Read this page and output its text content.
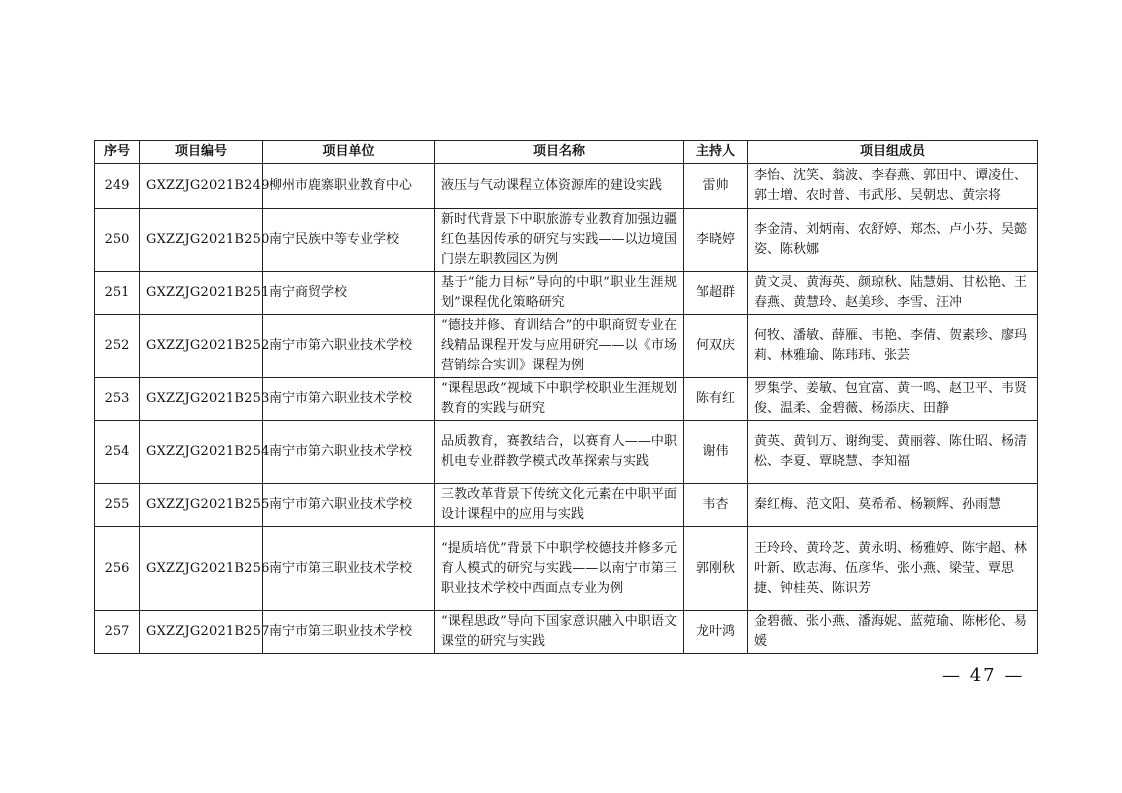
序号	项目编号	项目单位	项目名称	主持人	项目组成员
249	GXZZJG2021B249	柳州市鹿寨职业教育中心	液压与气动课程立体资源库的建设实践	雷帅	李怡、沈笑、翁波、李春燕、郭田中、谭凌仕、郭士增、农时普、韦武彤、吴朝忠、黄宗将
250	GXZZJG2021B250	南宁民族中等专业学校	新时代背景下中职旅游专业教育加强边疆红色基因传承的研究与实践——以边境国门崇左职教园区为例	李晓婷	李金清、刘炳南、农舒婷、郑杰、卢小芬、吴懿姿、陈秋娜
251	GXZZJG2021B251	南宁商贸学校	基于“能力目标”导向的中职“职业生涯规划”课程优化策略研究	邹超群	黄文灵、黄海英、颜琼秋、陆慧娟、甘松艳、王春燕、黄慧玲、赵美珍、李雪、汪冲
252	GXZZJG2021B252	南宁市第六职业技术学校	“德技并修、育训结合”的中职商贸专业在线精品课程开发与应用研究——以《市场营销综合实训》课程为例	何双庆	何牧、潘敏、薛雁、韦艳、李倩、贺素珍、廖玛莉、林雅瑜、陈玮玮、张芸
253	GXZZJG2021B253	南宁市第六职业技术学校	“课程思政”视域下中职学校职业生涯规划教育的实践与研究	陈有红	罗集学、姜敏、包宜富、黄一鸣、赵卫平、韦贤俊、温柔、金碧薇、杨添庆、田静
254	GXZZJG2021B254	南宁市第六职业技术学校	品质教育，赛教结合，以赛育人——中职机电专业群教学模式改革探索与实践	谢伟	黄英、黄钊万、谢绚雯、黄丽蓉、陈仕昭、杨清松、李夏、覃晓慧、李知福
255	GXZZJG2021B255	南宁市第六职业技术学校	三教改革背景下传统文化元素在中职平面设计课程中的应用与实践	韦杏	秦红梅、范文阳、莫希希、杨颖辉、孙雨慧
256	GXZZJG2021B256	南宁市第三职业技术学校	“提质培优”背景下中职学校德技并修多元育人模式的研究与实践——以南宁市第三职业技术学校中西面点专业为例	郭刚秋	王玲玲、黄玲芝、黄永明、杨雅婷、陈宇超、林叶新、欧志海、伍彦华、张小燕、梁莹、覃思捷、钟桂英、陈识芳
257	GXZZJG2021B257	南宁市第三职业技术学校	“课程思政”导向下国家意识融入中职语文课堂的研究与实践	龙叶鸿	金碧薇、张小燕、潘海妮、蓝菀瑜、陈彬伦、易媛
— 47 —
